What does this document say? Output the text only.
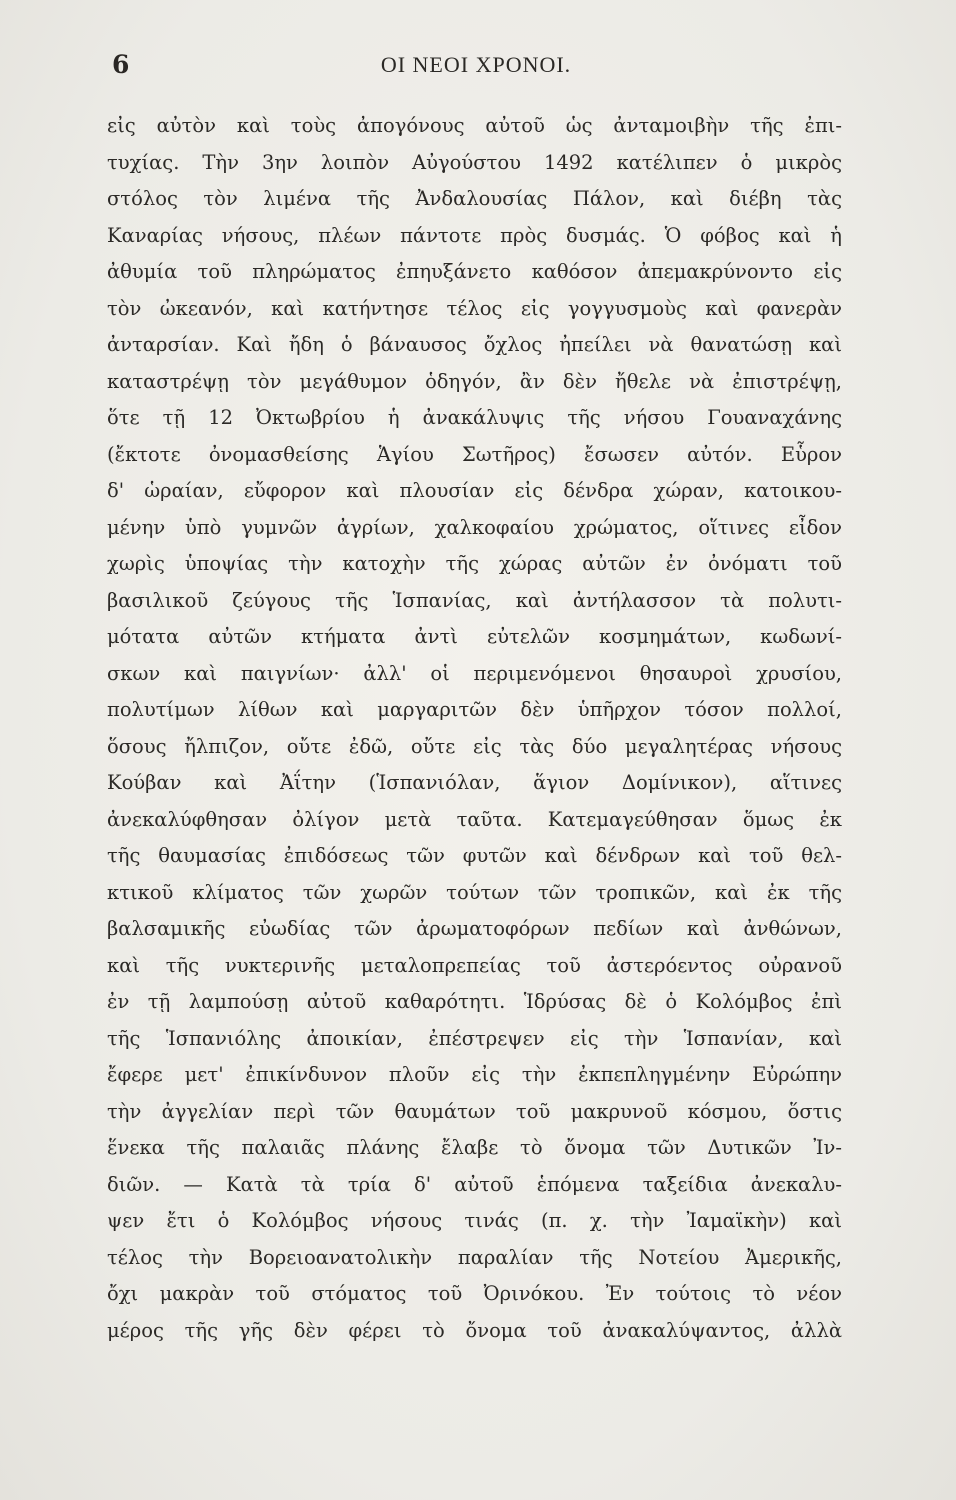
6	ΟΙ ΝΕΟΙ ΧΡΟΝΟΙ.
εἰς αὐτὸν καὶ τοὺς ἀπογόνους αὐτοῦ ὡς ἀνταμοιβὴν τῆς ἐπι-
τυχίας. Τὴν 3ην λοιπὸν Αὐγούστου 1492 κατέλιπεν ὁ μικρὸς
στόλος τὸν λιμένα τῆς Ἀνδαλουσίας Πάλον, καὶ διέβη τὰς
Καναρίας νήσους, πλέων πάντοτε πρὸς δυσμάς. Ὁ φόβος καὶ ἡ
ἀθυμία τοῦ πληρώματος ἐπηυξάνετο καθόσον ἀπεμακρύνοντο εἰς
τὸν ὠκεανόν, καὶ κατήντησε τέλος εἰς γογγυσμοὺς καὶ φανερὰν
ἀνταρσίαν. Καὶ ἤδη ὁ βάναυσος ὄχλος ἠπείλει νὰ θανατώσῃ καὶ
καταστρέψῃ τὸν μεγάθυμον ὁδηγόν, ἂν δὲν ἤθελε νὰ ἐπιστρέψῃ,
ὅτε τῇ 12 Ὀκτωβρίου ἡ ἀνακάλυψις τῆς νήσου Γουαναχάνης
(ἔκτοτε ὀνομασθείσης Ἁγίου Σωτῆρος) ἔσωσεν αὐτόν. Εὗρον
δ' ὡραίαν, εὔφορον καὶ πλουσίαν εἰς δένδρα χώραν, κατοικου-
μένην ὑπὸ γυμνῶν ἀγρίων, χαλκοφαίου χρώματος, οἵτινες εἶδον
χωρὶς ὑποψίας τὴν κατοχὴν τῆς χώρας αὐτῶν ἐν ὀνόματι τοῦ
βασιλικοῦ ζεύγους τῆς Ἱσπανίας, καὶ ἀντήλασσον τὰ πολυτι-
μότατα αὐτῶν κτήματα ἀντὶ εὐτελῶν κοσμημάτων, κωδωνί-
σκων καὶ παιγνίων· ἀλλ' οἱ περιμενόμενοι θησαυροὶ χρυσίου,
πολυτίμων λίθων καὶ μαργαριτῶν δὲν ὑπῆρχον τόσον πολλοί,
ὅσους ἤλπιζον, οὔτε ἐδῶ, οὔτε εἰς τὰς δύο μεγαλητέρας νήσους
Κούβαν καὶ Ἀΐτην (Ἱσπανιόλαν, ἅγιον Δομίνικον), αἵτινες
ἀνεκαλύφθησαν ὀλίγον μετὰ ταῦτα. Κατεμαγεύθησαν ὅμως ἐκ
τῆς θαυμασίας ἐπιδόσεως τῶν φυτῶν καὶ δένδρων καὶ τοῦ θελ-
κτικοῦ κλίματος τῶν χωρῶν τούτων τῶν τροπικῶν, καὶ ἐκ τῆς
βαλσαμικῆς εὐωδίας τῶν ἀρωματοφόρων πεδίων καὶ ἀνθώνων,
καὶ τῆς νυκτερινῆς μεταλοπρεπείας τοῦ ἀστερόεντος οὐρανοῦ
ἐν τῇ λαμπούσῃ αὐτοῦ καθαρότητι. Ἱδρύσας δὲ ὁ Κολόμβος ἐπὶ
τῆς Ἱσπανιόλης ἀποικίαν, ἐπέστρεψεν εἰς τὴν Ἱσπανίαν, καὶ
ἔφερε μετ' ἐπικίνδυνον πλοῦν εἰς τὴν ἐκπεπληγμένην Εὐρώπην
τὴν ἀγγελίαν περὶ τῶν θαυμάτων τοῦ μακρυνοῦ κόσμου, ὅστις
ἕνεκα τῆς παλαιᾶς πλάνης ἔλαβε τὸ ὄνομα τῶν Δυτικῶν Ἰν-
διῶν. — Κατὰ τὰ τρία δ' αὐτοῦ ἑπόμενα ταξείδια ἀνεκαλυ-
ψεν ἔτι ὁ Κολόμβος νήσους τινάς (π. χ. τὴν Ἰαμαϊκὴν) καὶ
τέλος τὴν Βορειοανατολικὴν παραλίαν τῆς Νοτείου Ἀμερικῆς,
ὄχι μακρὰν τοῦ στόματος τοῦ Ὀρινόκου. Ἐν τούτοις τὸ νέον
μέρος τῆς γῆς δὲν φέρει τὸ ὄνομα τοῦ ἀνακαλύψαντος, ἀλλὰ
